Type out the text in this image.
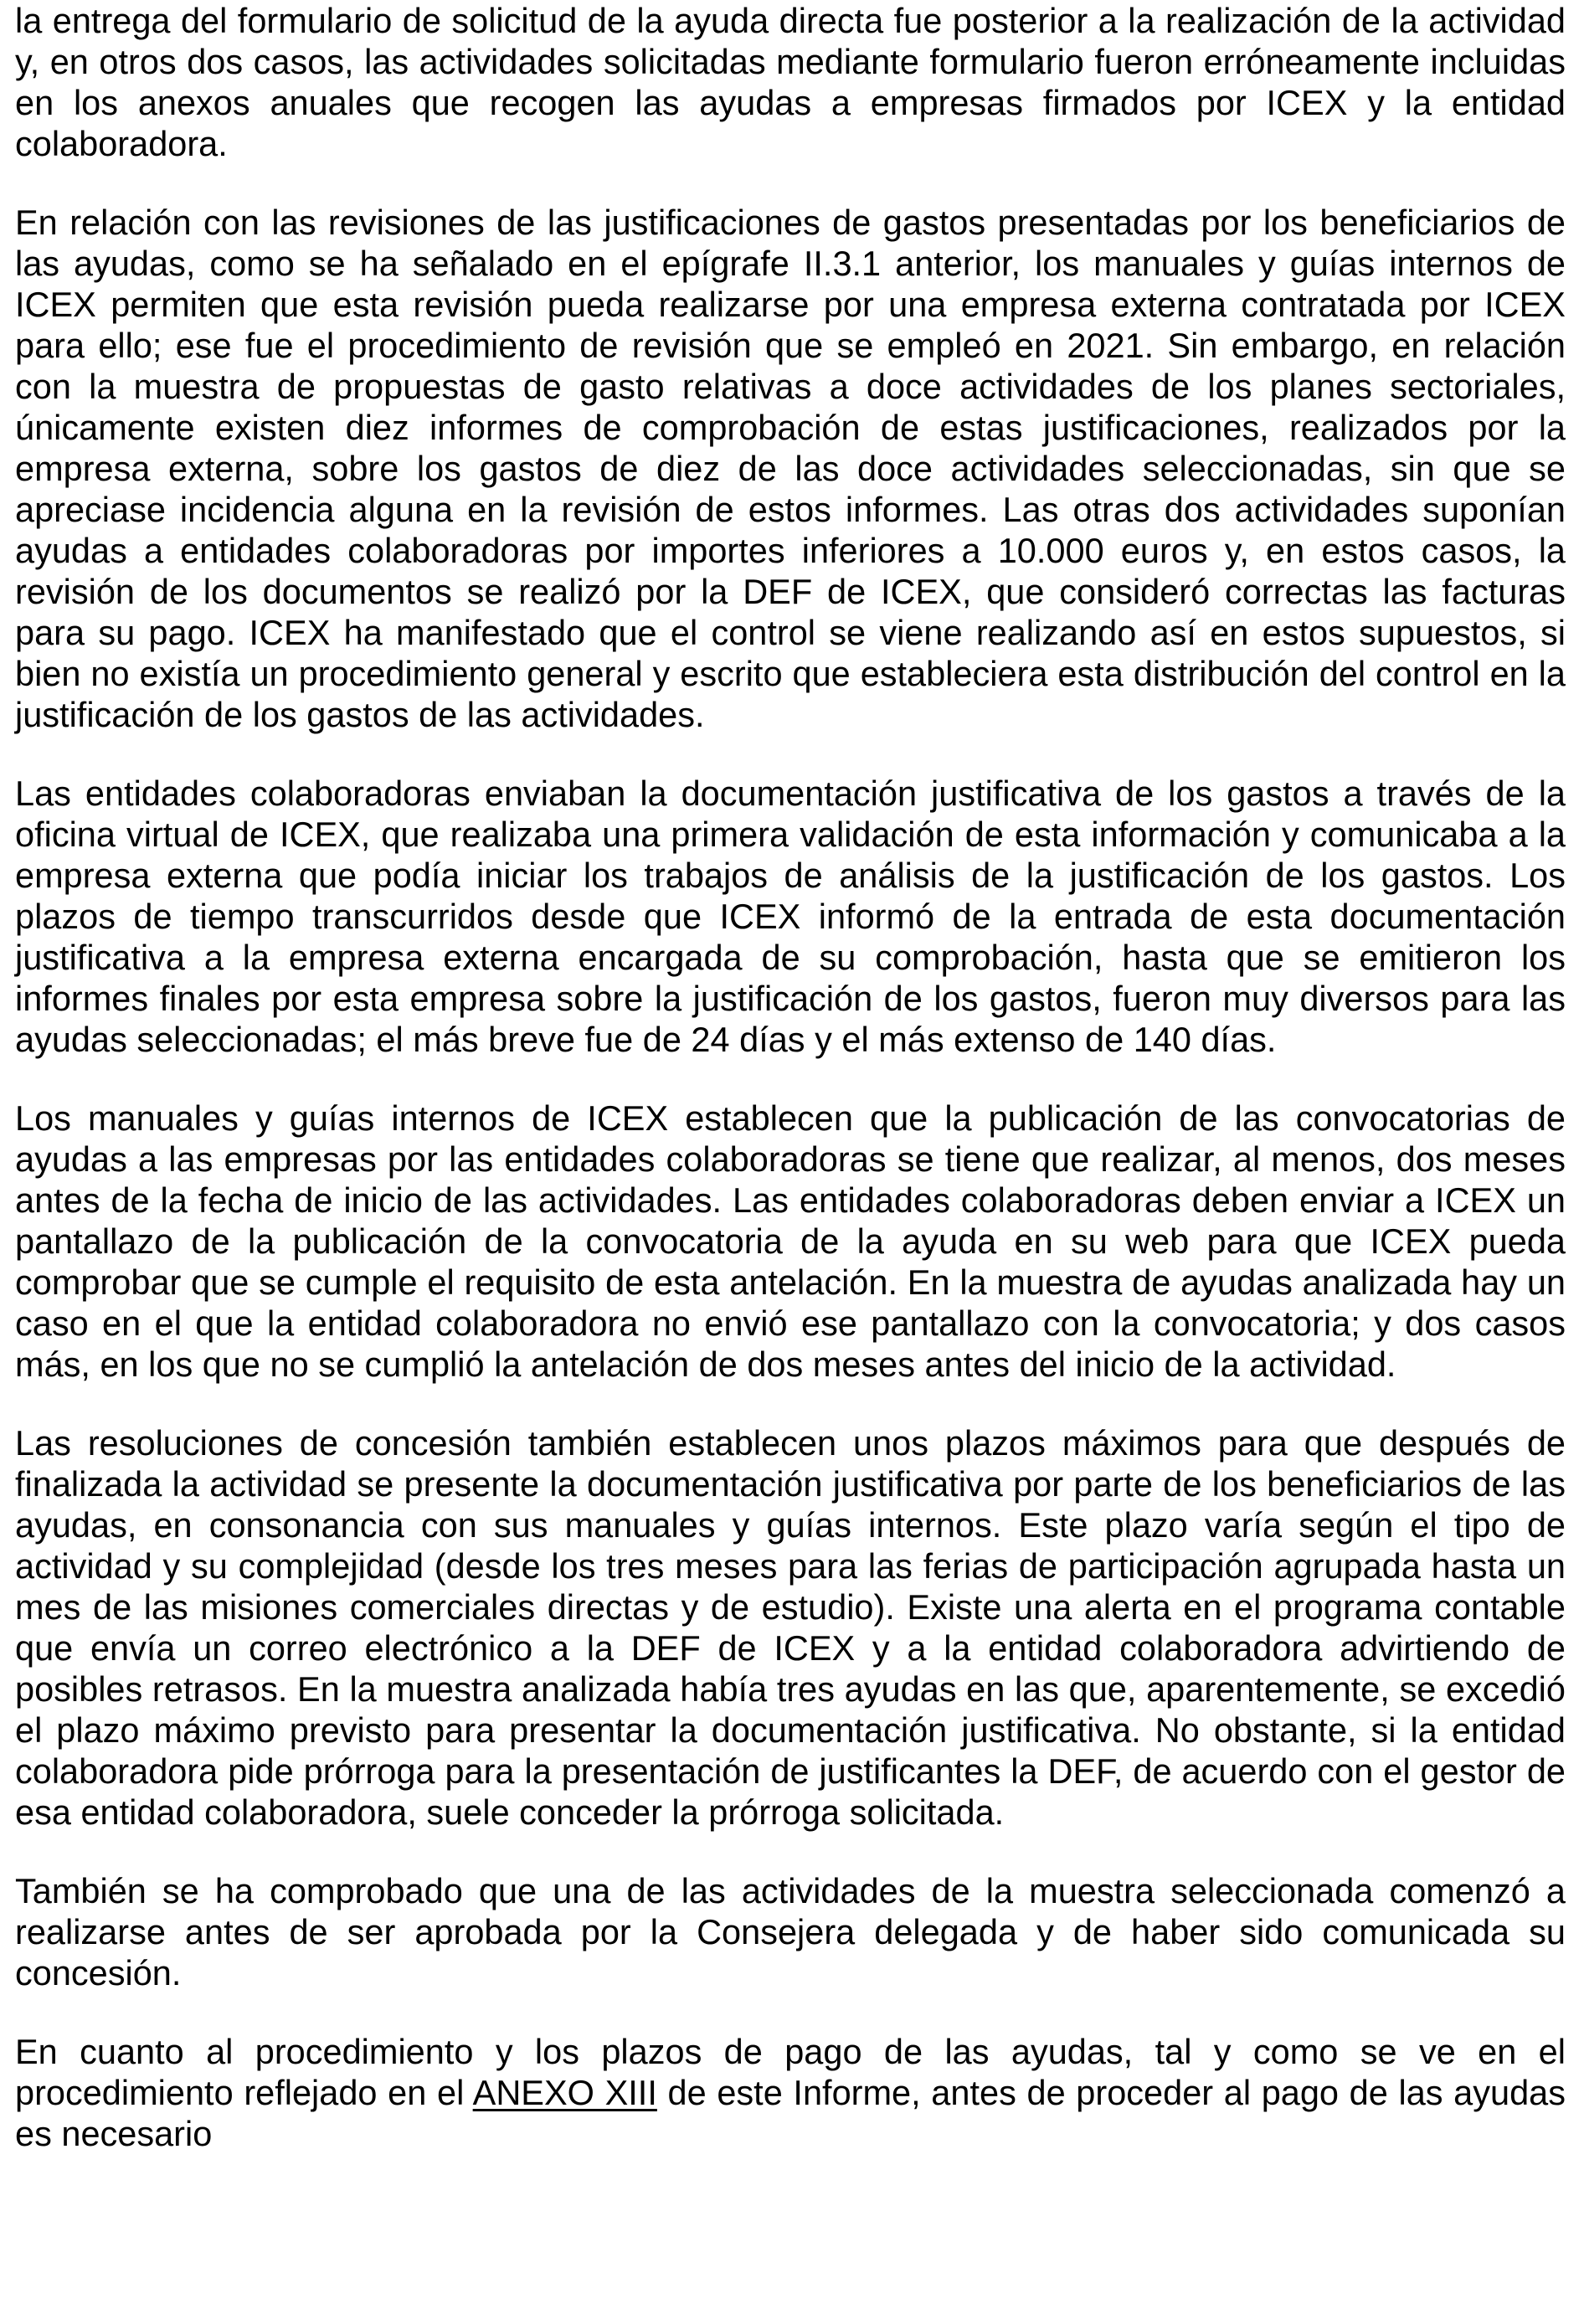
la entrega del formulario de solicitud de la ayuda directa fue posterior a la realización de la actividad y, en otros dos casos, las actividades solicitadas mediante formulario fueron erróneamente incluidas en los anexos anuales que recogen las ayudas a empresas firmados por ICEX y la entidad colaboradora.

En relación con las revisiones de las justificaciones de gastos presentadas por los beneficiarios de las ayudas, como se ha señalado en el epígrafe II.3.1 anterior, los manuales y guías internos de ICEX permiten que esta revisión pueda realizarse por una empresa externa contratada por ICEX para ello; ese fue el procedimiento de revisión que se empleó en 2021. Sin embargo, en relación con la muestra de propuestas de gasto relativas a doce actividades de los planes sectoriales, únicamente existen diez informes de comprobación de estas justificaciones, realizados por la empresa externa, sobre los gastos de diez de las doce actividades seleccionadas, sin que se apreciase incidencia alguna en la revisión de estos informes. Las otras dos actividades suponían ayudas a entidades colaboradoras por importes inferiores a 10.000 euros y, en estos casos, la revisión de los documentos se realizó por la DEF de ICEX, que consideró correctas las facturas para su pago. ICEX ha manifestado que el control se viene realizando así en estos supuestos, si bien no existía un procedimiento general y escrito que estableciera esta distribución del control en la justificación de los gastos de las actividades.

Las entidades colaboradoras enviaban la documentación justificativa de los gastos a través de la oficina virtual de ICEX, que realizaba una primera validación de esta información y comunicaba a la empresa externa que podía iniciar los trabajos de análisis de la justificación de los gastos. Los plazos de tiempo transcurridos desde que ICEX informó de la entrada de esta documentación justificativa a la empresa externa encargada de su comprobación, hasta que se emitieron los informes finales por esta empresa sobre la justificación de los gastos, fueron muy diversos para las ayudas seleccionadas; el más breve fue de 24 días y el más extenso de 140 días.

Los manuales y guías internos de ICEX establecen que la publicación de las convocatorias de ayudas a las empresas por las entidades colaboradoras se tiene que realizar, al menos, dos meses antes de la fecha de inicio de las actividades. Las entidades colaboradoras deben enviar a ICEX un pantallazo de la publicación de la convocatoria de la ayuda en su web para que ICEX pueda comprobar que se cumple el requisito de esta antelación. En la muestra de ayudas analizada hay un caso en el que la entidad colaboradora no envió ese pantallazo con la convocatoria; y dos casos más, en los que no se cumplió la antelación de dos meses antes del inicio de la actividad.

Las resoluciones de concesión también establecen unos plazos máximos para que después de finalizada la actividad se presente la documentación justificativa por parte de los beneficiarios de las ayudas, en consonancia con sus manuales y guías internos. Este plazo varía según el tipo de actividad y su complejidad (desde los tres meses para las ferias de participación agrupada hasta un mes de las misiones comerciales directas y de estudio). Existe una alerta en el programa contable que envía un correo electrónico a la DEF de ICEX y a la entidad colaboradora advirtiendo de posibles retrasos. En la muestra analizada había tres ayudas en las que, aparentemente, se excedió el plazo máximo previsto para presentar la documentación justificativa. No obstante, si la entidad colaboradora pide prórroga para la presentación de justificantes la DEF, de acuerdo con el gestor de esa entidad colaboradora, suele conceder la prórroga solicitada.

También se ha comprobado que una de las actividades de la muestra seleccionada comenzó a realizarse antes de ser aprobada por la Consejera delegada y de haber sido comunicada su concesión.

En cuanto al procedimiento y los plazos de pago de las ayudas, tal y como se ve en el procedimiento reflejado en el ANEXO XIII de este Informe, antes de proceder al pago de las ayudas es necesario
